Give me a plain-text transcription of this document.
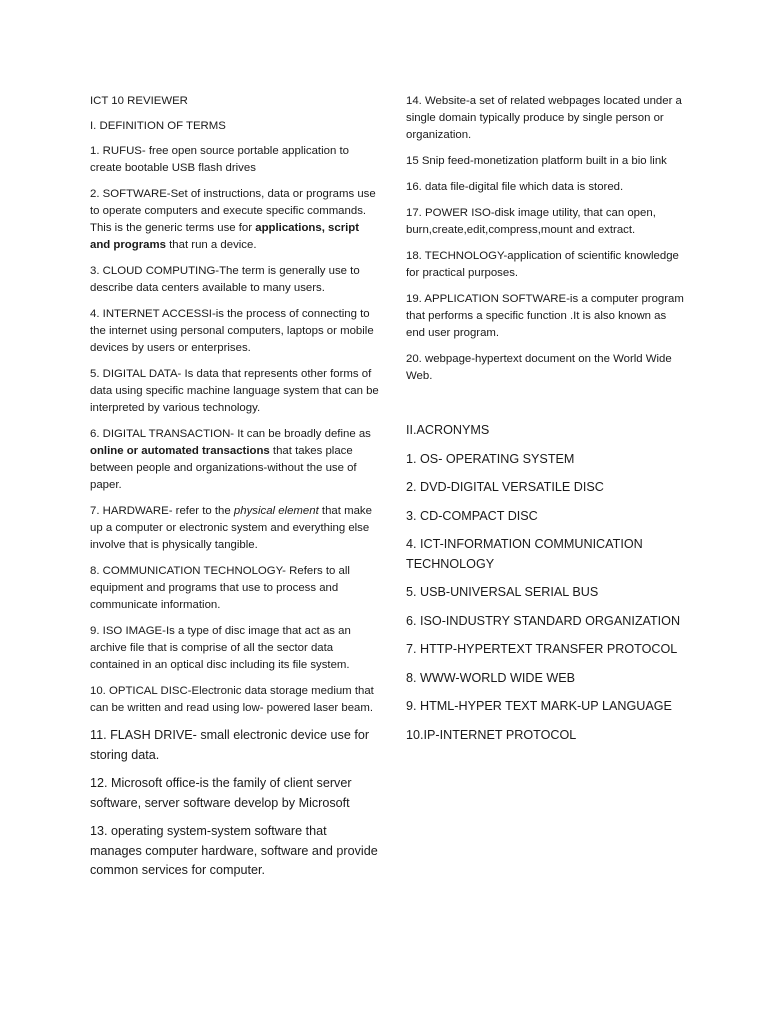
ICT 10 REVIEWER

I. DEFINITION OF TERMS

1. RUFUS- free open source portable application to create bootable USB flash drives

2. SOFTWARE-Set of instructions, data or programs use to operate computers and execute specific commands. This is the generic terms use for applications, script and programs that run a device.

3. CLOUD COMPUTING-The term is generally use to describe data centers available to many users.

4. INTERNET ACCESSI-is the process of connecting to the internet using personal computers, laptops or mobile devices by users or enterprises.

5. DIGITAL DATA- Is data that represents other forms of data using specific machine language system that can be interpreted by various technology.

6. DIGITAL TRANSACTION- It can be broadly define as online or automated transactions that takes place between people and organizations-without the use of paper.

7. HARDWARE- refer to the physical element that make up a computer or electronic system and everything else involve that is physically tangible.

8. COMMUNICATION TECHNOLOGY- Refers to all equipment and programs that use to process and communicate information.

9. ISO IMAGE-Is a type of disc image that act as an archive file that is comprise of all the sector data contained in an optical disc including its file system.

10. OPTICAL DISC-Electronic data storage medium that can be written and read using low- powered laser beam.

11. FLASH DRIVE- small electronic device use for storing data.

12. Microsoft office-is the family of client server software, server software develop by Microsoft

13. operating system-system software that manages computer hardware, software and provide common services for computer.

14. Website-a set of related webpages located under a single domain typically produce by single person or organization.

15 Snip feed-monetization platform built in a bio link

16. data file-digital file which data is stored.

17. POWER ISO-disk image utility, that can open, burn,create,edit,compress,mount and extract.

18. TECHNOLOGY-application of scientific knowledge for practical purposes.

19. APPLICATION SOFTWARE-is a computer program that performs a specific function .It is also known as end user program.

20. webpage-hypertext document on the World Wide Web.

II.ACRONYMS

1. OS- OPERATING SYSTEM

2. DVD-DIGITAL VERSATILE DISC

3. CD-COMPACT DISC

4. ICT-INFORMATION COMMUNICATION TECHNOLOGY

5. USB-UNIVERSAL SERIAL BUS

6. ISO-INDUSTRY STANDARD ORGANIZATION

7. HTTP-HYPERTEXT TRANSFER PROTOCOL

8. WWW-WORLD WIDE WEB

9. HTML-HYPER TEXT MARK-UP LANGUAGE

10.IP-INTERNET PROTOCOL
